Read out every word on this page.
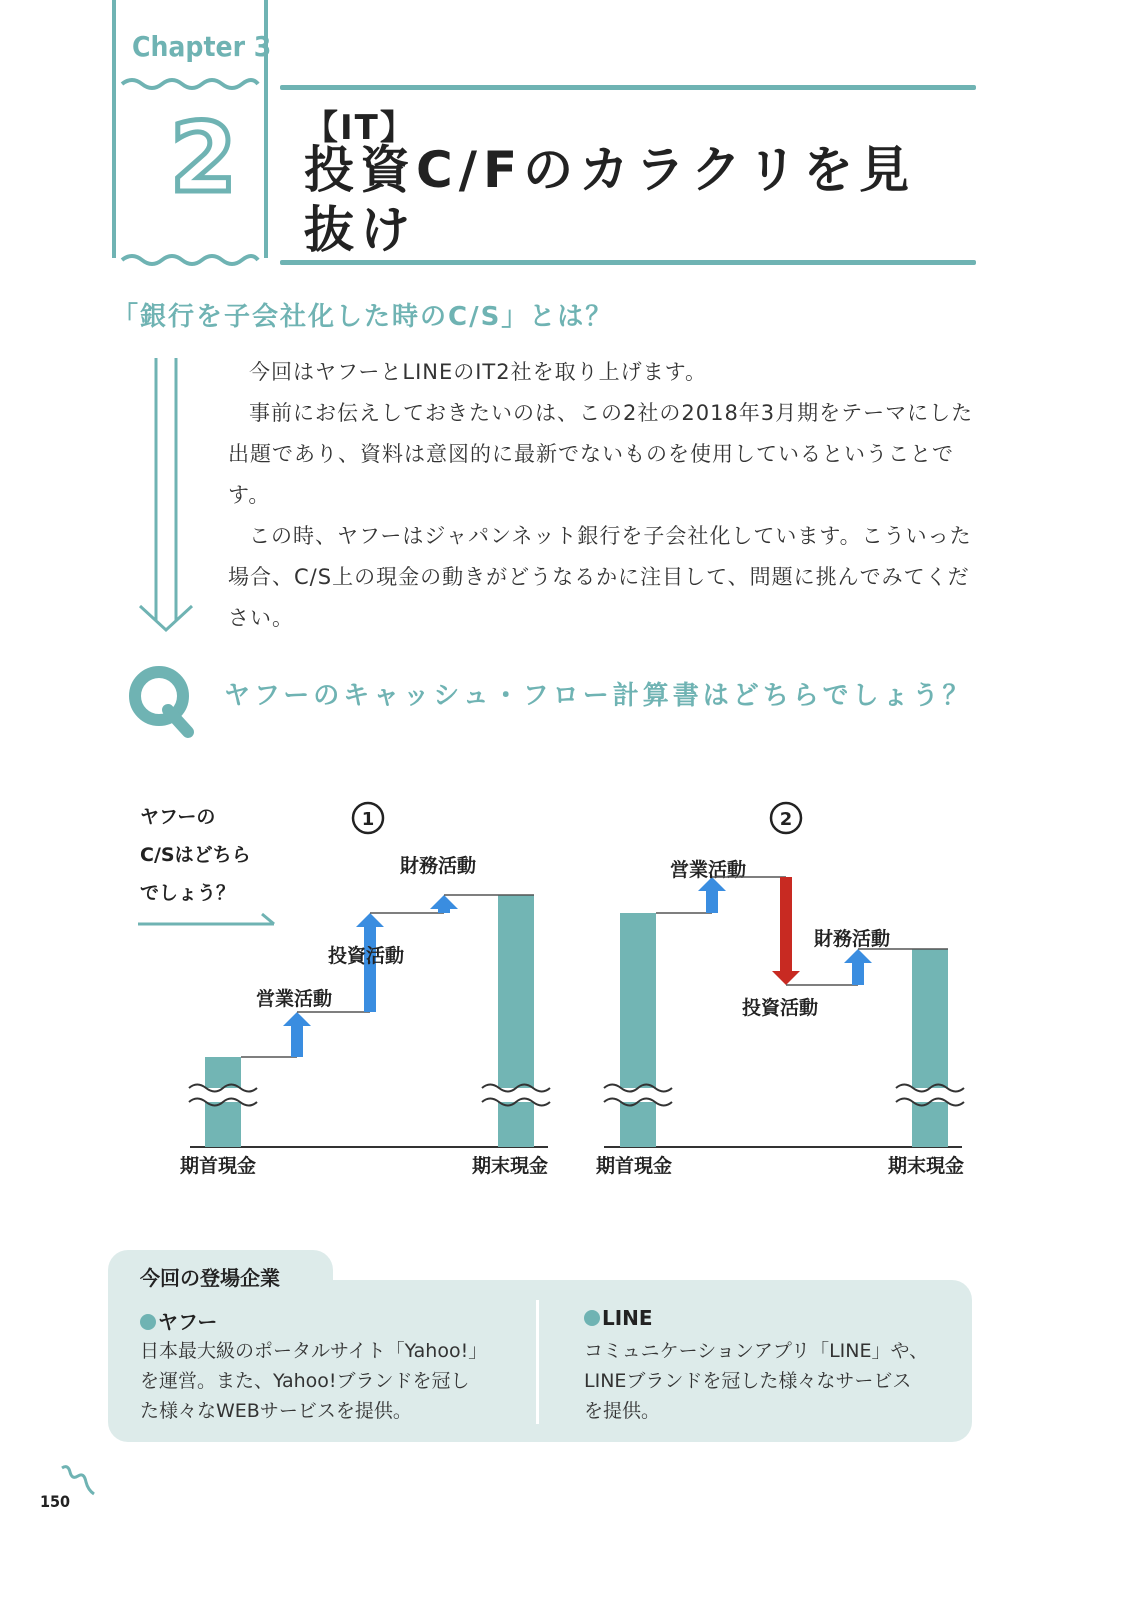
Chapter 3
2 【IT】
投資C/Fのカラクリを見抜け
「銀行を子会社化した時のC/S」とは？

今回はヤフーとLINEのIT2社を取り上げます。

事前にお伝えしておきたいのは、この2社の2018年3月期をテーマにした出題であり、資料は意図的に最新でないものを使用しているということです。

この時、ヤフーはジャパンネット銀行を子会社化しています。こういった場合、C/S上の現金の動きがどうなるかに注目して、問題に挑んでみてください。

ヤフーのキャッシュ・フロー計算書はどちらでしょう？
ヤフーの
C/Sはどちら
でしょう？
1
期首現金
営業活動
投資活動
財務活動
期末現金
2
期首現金
営業活動
投資活動
財務活動
期末現金
今回の登場企業
ヤフー
日本最大級のポータルサイト「Yahoo!」
を運営。また、Yahoo!ブランドを冠し
た様々なWEBサービスを提供。
LINE
コミュニケーションアプリ「LINE」や、
LINEブランドを冠した様々なサービス
を提供。
150
